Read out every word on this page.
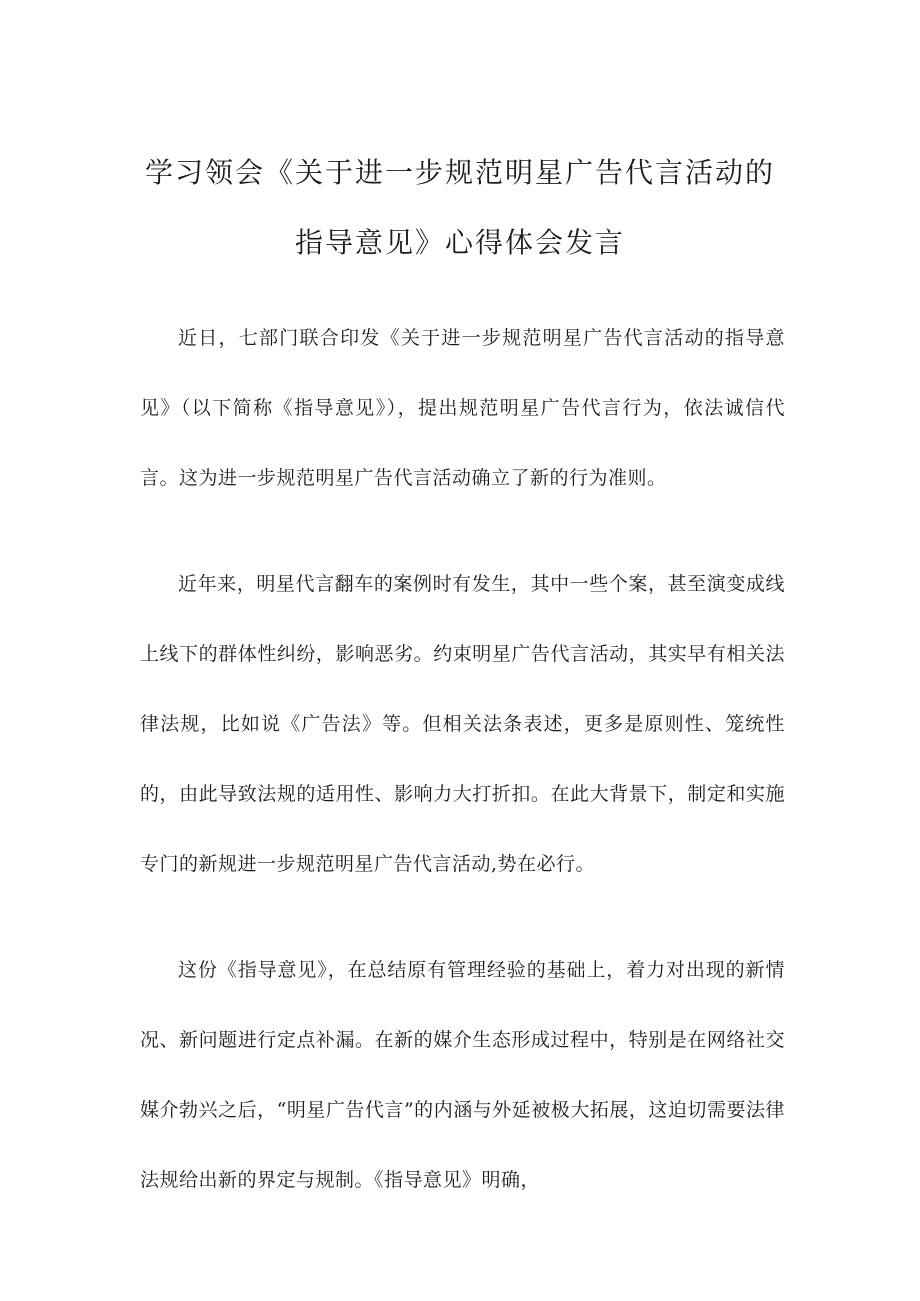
学习领会《关于进一步规范明星广告代言活动的指导意见》心得体会发言

近日，七部门联合印发《关于进一步规范明星广告代言活动的指导意见》（以下简称《指导意见》），提出规范明星广告代言行为，依法诚信代言。这为进一步规范明星广告代言活动确立了新的行为准则。

近年来，明星代言翻车的案例时有发生，其中一些个案，甚至演变成线上线下的群体性纠纷，影响恶劣。约束明星广告代言活动，其实早有相关法律法规，比如说《广告法》等。但相关法条表述，更多是原则性、笼统性的，由此导致法规的适用性、影响力大打折扣。在此大背景下，制定和实施专门的新规进一步规范明星广告代言活动,势在必行。

这份《指导意见》，在总结原有管理经验的基础上，着力对出现的新情况、新问题进行定点补漏。在新的媒介生态形成过程中，特别是在网络社交媒介勃兴之后，“明星广告代言”的内涵与外延被极大拓展，这迫切需要法律法规给出新的界定与规制。《指导意见》明确，
